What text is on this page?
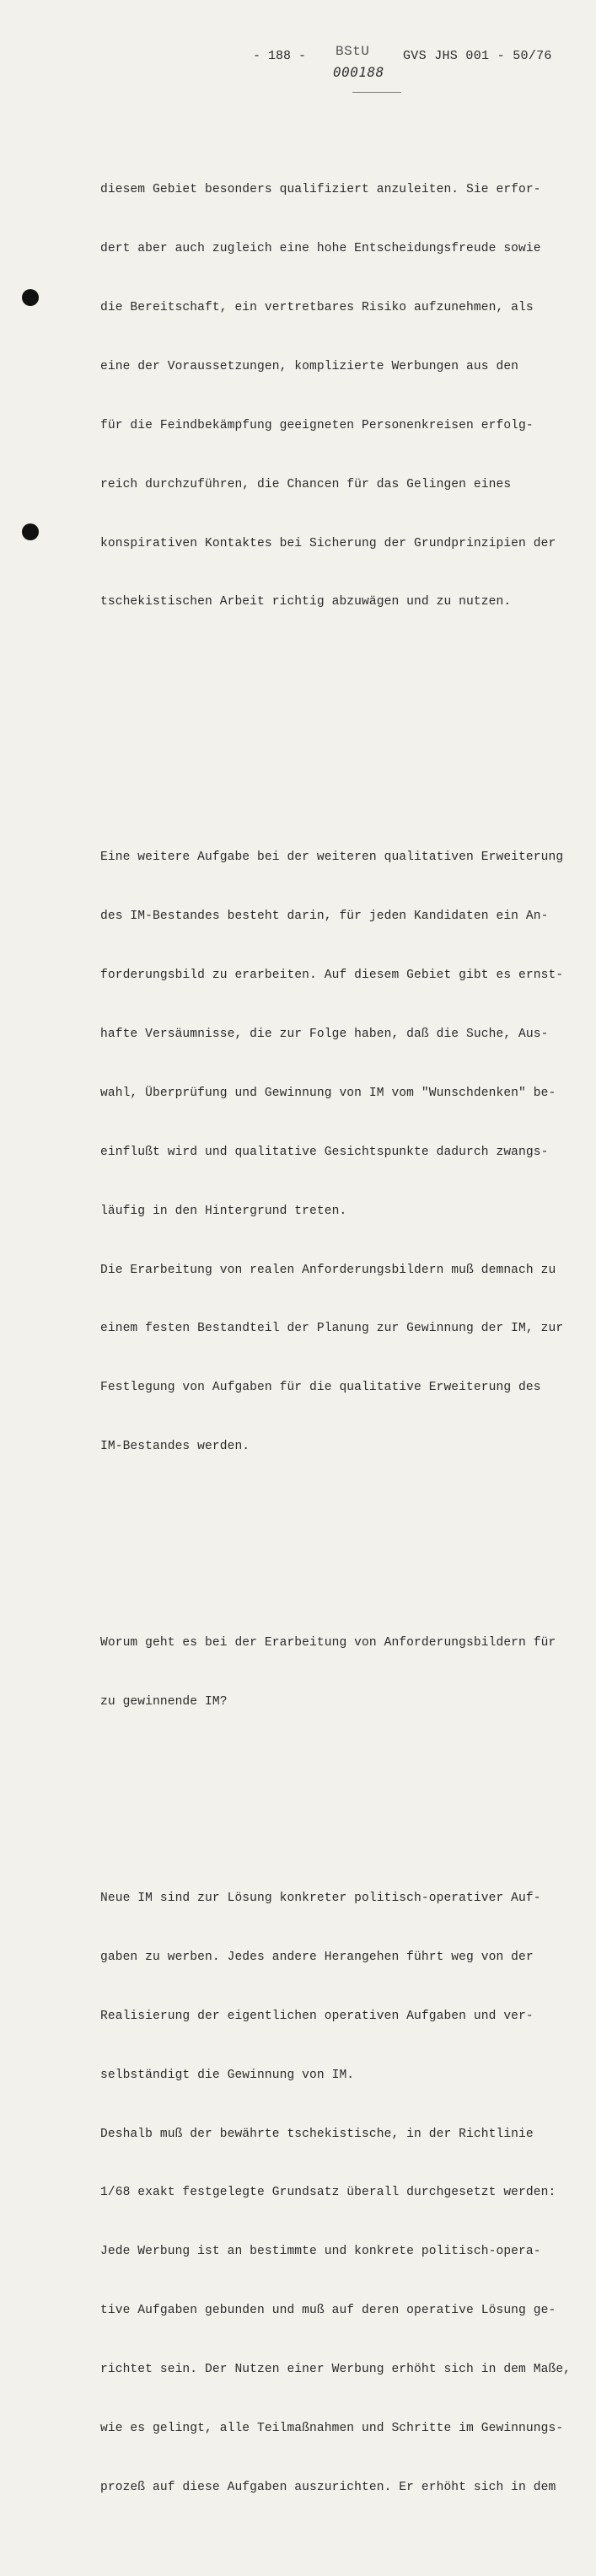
- 188 - BStU
000188
GVS JHS 001 - 50/76

diesem Gebiet besonders qualifiziert anzuleiten. Sie erfor-

dert aber auch zugleich eine hohe Entscheidungsfreude sowie

die Bereitschaft, ein vertretbares Risiko aufzunehmen, als

eine der Voraussetzungen, komplizierte Werbungen aus den

für die Feindbekämpfung geeigneten Personenkreisen erfolg-

reich durchzuführen, die Chancen für das Gelingen eines

konspirativen Kontaktes bei Sicherung der Grundprinzipien der

tschekistischen Arbeit richtig abzuwägen und zu nutzen.

Eine weitere Aufgabe bei der weiteren qualitativen Erweiterung

des IM-Bestandes besteht darin, für jeden Kandidaten ein An-

forderungsbild zu erarbeiten. Auf diesem Gebiet gibt es ernst-

hafte Versäumnisse, die zur Folge haben, daß die Suche, Aus-

wahl, Überprüfung und Gewinnung von IM vom "Wunschdenken" be-

einflußt wird und qualitative Gesichtspunkte dadurch zwangs-

läufig in den Hintergrund treten.

Die Erarbeitung von realen Anforderungsbildern muß demnach zu

einem festen Bestandteil der Planung zur Gewinnung der IM, zur

Festlegung von Aufgaben für die qualitative Erweiterung des

IM-Bestandes werden.

Worum geht es bei der Erarbeitung von Anforderungsbildern für

zu gewinnende IM?

Neue IM sind zur Lösung konkreter politisch-operativer Auf-

gaben zu werben. Jedes andere Herangehen führt weg von der

Realisierung der eigentlichen operativen Aufgaben und ver-

selbständigt die Gewinnung von IM.

Deshalb muß der bewährte tschekistische, in der Richtlinie

1/68 exakt festgelegte Grundsatz überall durchgesetzt werden:

Jede Werbung ist an bestimmte und konkrete politisch-opera-

tive Aufgaben gebunden und muß auf deren operative Lösung ge-

richtet sein. Der Nutzen einer Werbung erhöht sich in dem Maße,

wie es gelingt, alle Teilmaßnahmen und Schritte im Gewinnungs-

prozeß auf diese Aufgaben auszurichten. Er erhöht sich in dem
